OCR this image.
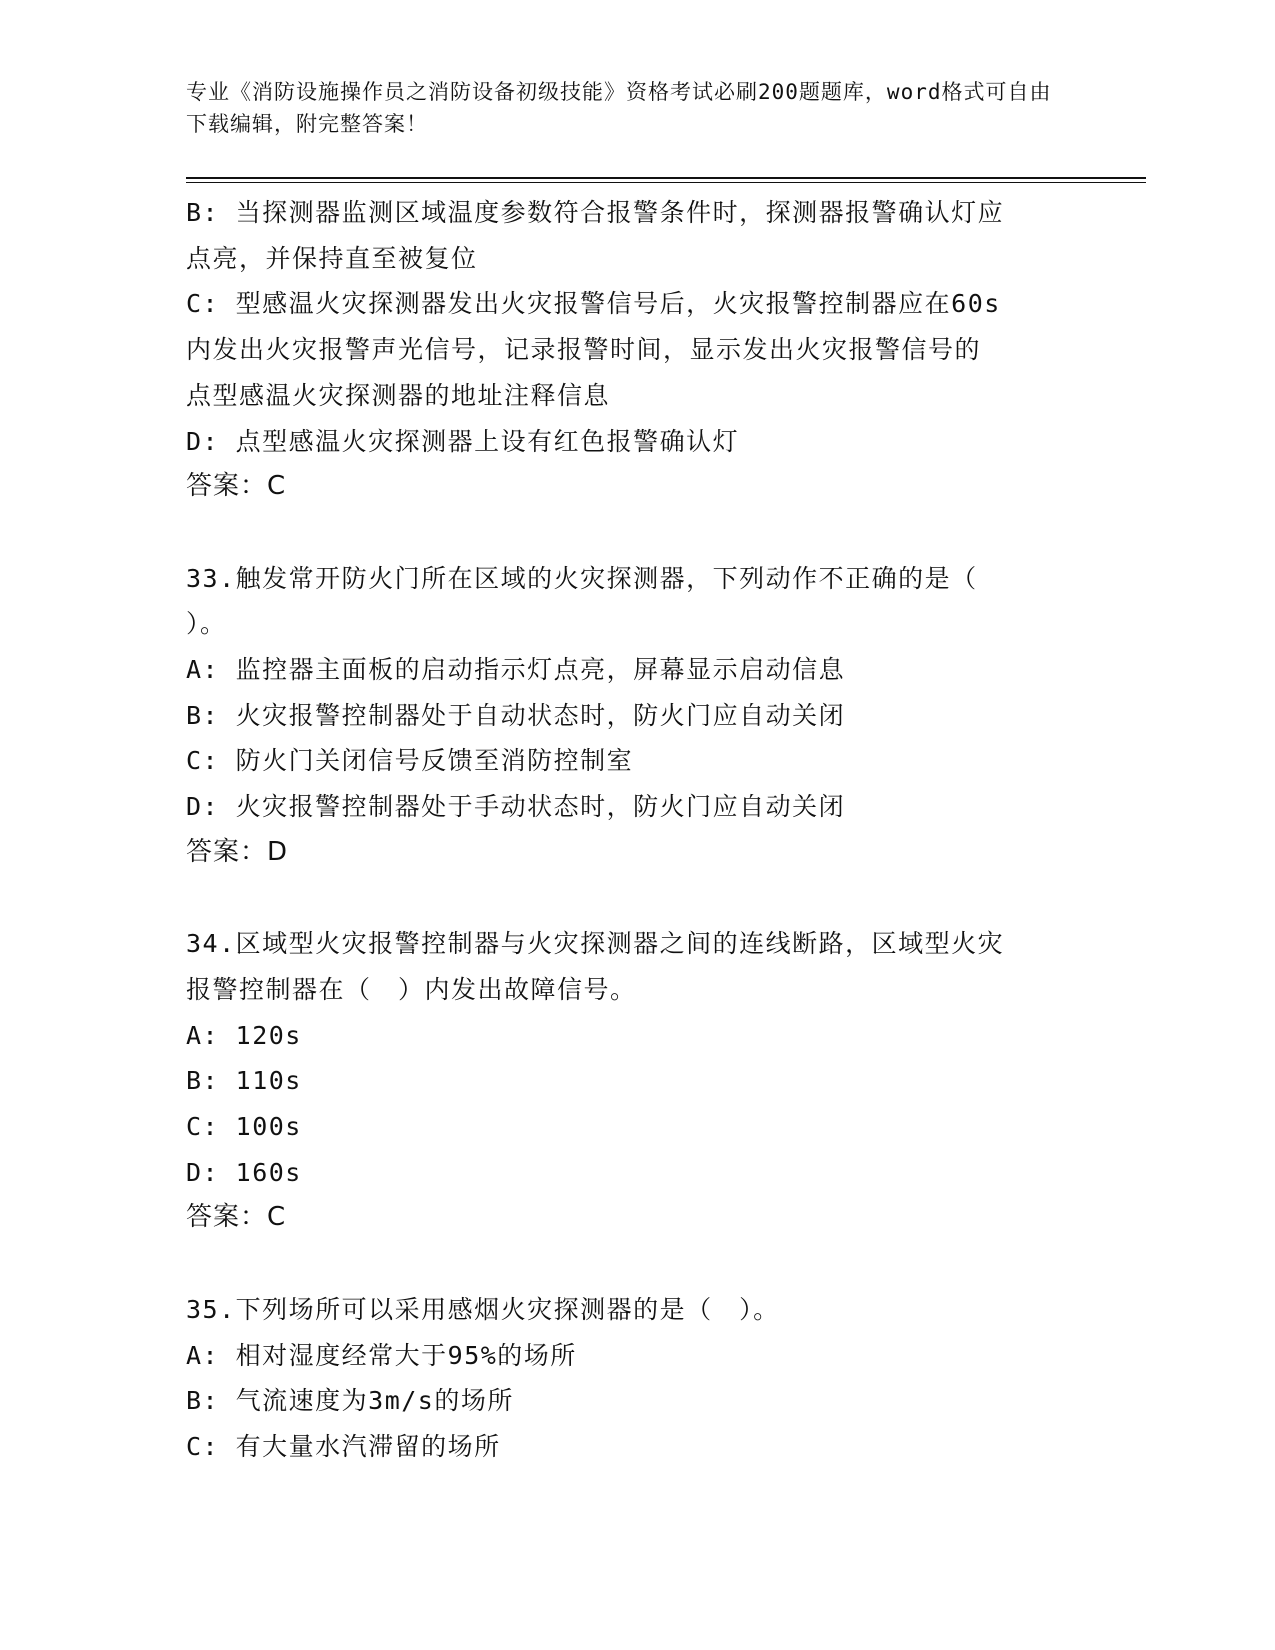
专业《消防设施操作员之消防设备初级技能》资格考试必刷200题题库，word格式可自由下载编辑，附完整答案！
B: 当探测器监测区域温度参数符合报警条件时，探测器报警确认灯应
点亮，并保持直至被复位
C: 型感温火灾探测器发出火灾报警信号后，火灾报警控制器应在60s
内发出火灾报警声光信号，记录报警时间，显示发出火灾报警信号的
点型感温火灾探测器的地址注释信息
D: 点型感温火灾探测器上设有红色报警确认灯
答案：C
33.触发常开防火门所在区域的火灾探测器，下列动作不正确的是（
）。
A: 监控器主面板的启动指示灯点亮，屏幕显示启动信息
B: 火灾报警控制器处于自动状态时，防火门应自动关闭
C: 防火门关闭信号反馈至消防控制室
D: 火灾报警控制器处于手动状态时，防火门应自动关闭
答案：D
34.区域型火灾报警控制器与火灾探测器之间的连线断路，区域型火灾
报警控制器在（　）内发出故障信号。
A: 120s
B: 110s
C: 100s
D: 160s
答案：C
35.下列场所可以采用感烟火灾探测器的是（　）。
A: 相对湿度经常大于95%的场所
B: 气流速度为3m/s的场所
C: 有大量水汽滞留的场所
